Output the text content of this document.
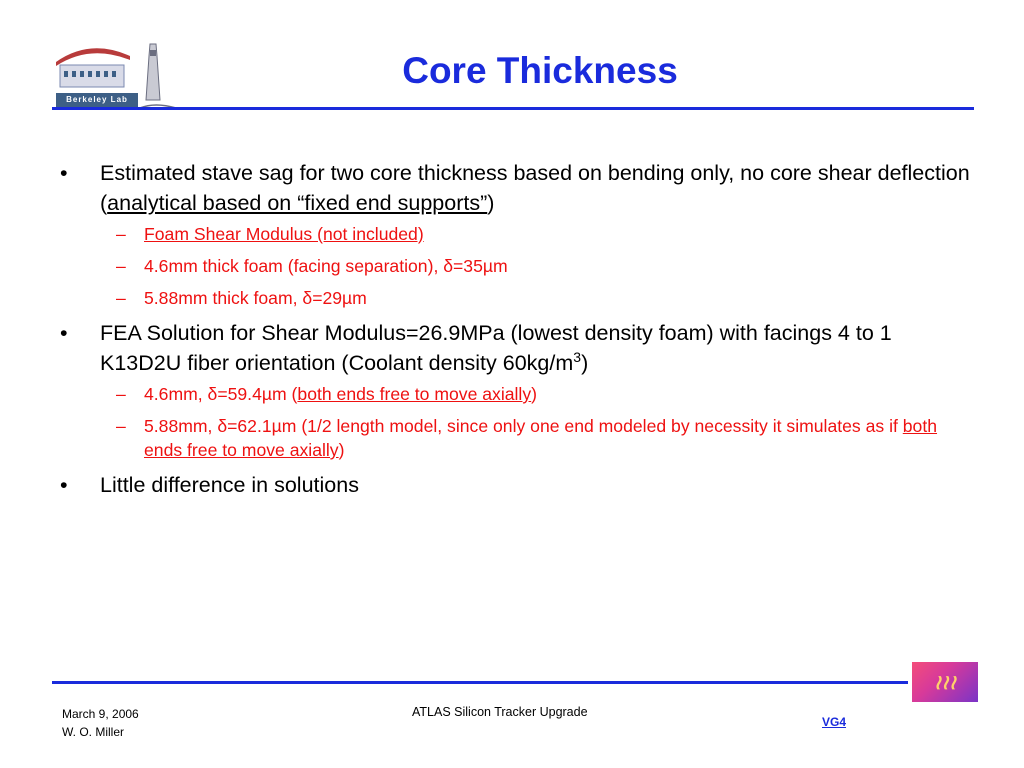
Berkeley Lab
Core Thickness
• Estimated stave sag for two core thickness based on bending only, no core shear deflection (analytical based on “fixed end supports”)
– Foam Shear Modulus (not included)
– 4.6mm thick foam (facing separation), δ=35µm
– 5.88mm thick foam, δ=29µm
• FEA Solution for Shear Modulus=26.9MPa (lowest density foam) with facings 4 to 1 K13D2U fiber orientation (Coolant density $60kg/m^3$)
– 4.6mm, δ=59.4µm (both ends free to move axially)
– 5.88mm, δ=62.1µm (1/2 length model, since only one end modeled by necessity it simulates as if both ends free to move axially)
• Little difference in solutions
≀≀≀
March 9, 2006
W. O. Miller
ATLAS Silicon Tracker Upgrade
VG4
